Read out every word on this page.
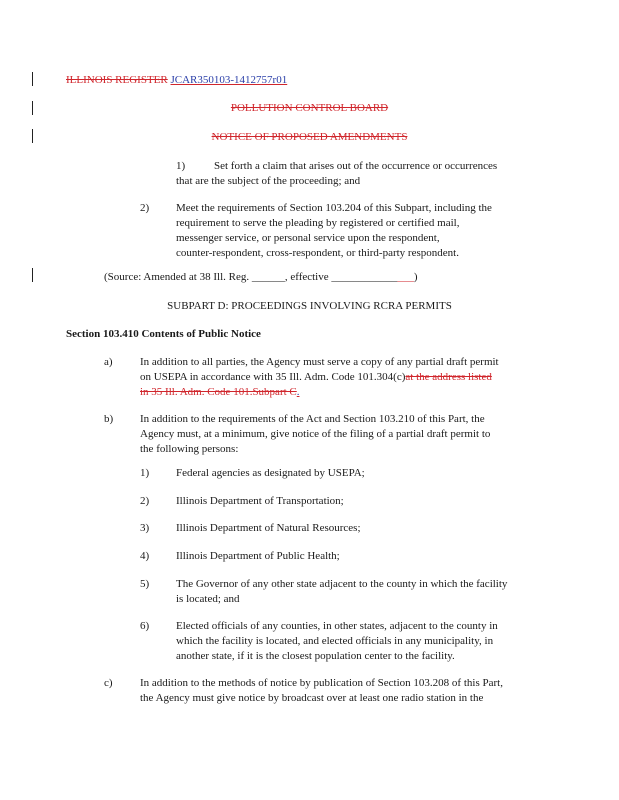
ILLINOIS REGISTER JCAR350103-1412757r01
POLLUTION CONTROL BOARD
NOTICE OF PROPOSED AMENDMENTS
1)	Set forth a claim that arises out of the occurrence or occurrences
that are the subject of the proceeding; and
2) Meet the requirements of Section 103.204 of this Subpart, including the
requirement to serve the pleading by registered or certified mail,
messenger service, or personal service upon the respondent,
counter-respondent, cross-respondent, or third-party respondent.
(Source: Amended at 38 Ill. Reg. ______, effective _______________)
SUBPART D: PROCEEDINGS INVOLVING RCRA PERMITS
Section 103.410 Contents of Public Notice
a) In addition to all parties, the Agency must serve a copy of any partial draft permit
on USEPA in accordance with 35 Ill. Adm. Code 101.304(c)at the address listed
in 35 Ill. Adm. Code 101.Subpart C.
b) In addition to the requirements of the Act and Section 103.210 of this Part, the
Agency must, at a minimum, give notice of the filing of a partial draft permit to
the following persons:
1) Federal agencies as designated by USEPA;
2) Illinois Department of Transportation;
3) Illinois Department of Natural Resources;
4) Illinois Department of Public Health;
5) The Governor of any other state adjacent to the county in which the facility
is located; and
6) Elected officials of any counties, in other states, adjacent to the county in
which the facility is located, and elected officials in any municipality, in
another state, if it is the closest population center to the facility.
c) In addition to the methods of notice by publication of Section 103.208 of this Part,
the Agency must give notice by broadcast over at least one radio station in the
